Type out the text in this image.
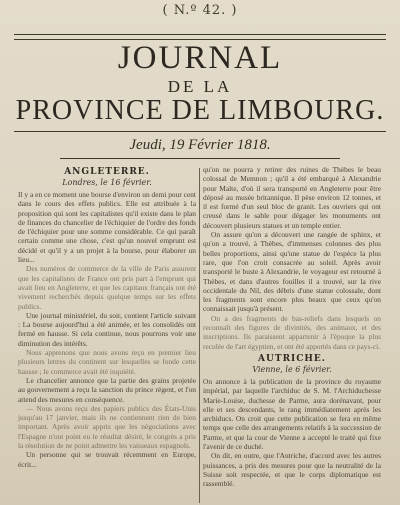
( N.º 42. )
JOURNAL
DE LA
PROVINCE DE LIMBOURG.
Jeudi, 19 Février 1818.
ANGLETERRE.
Londres, le 16 février.

Il y a en ce moment une bourse d'environ un demi pour cent dans le cours des effets publics. Elle est attribuée à la proposition qui sont les capitalistes qu'il existe dans le plan de finances du chancelier de l'échiquier de l'ordre des fonds de l'échiquier pour une somme considérable. Ce qui paraît certain comme une chose, c'est qu'un nouvel emprunt est décidé et qu'il y a un projet à la bourse, pour élaborer un lieu...

Des numéros de commerce de la ville de Paris assurent que les capitalistes de France ont pris part à l'emprunt qui avait lieu en Angleterre, et que les capitaux français ont été vivement recherchés depuis quelque temps sur les effets publics.

Une journal ministériel, du soir, contient l'article suivant : La bourse aujourd'hui a été animée, et les consolidés ont fermé en hausse. Si cela continue, nous pourrons voir une diminution des intérêts.

Nous apprenons que nous avons reçu en premier lieu plusieurs lettres du continent sur lesquelles se fonde cette hausse ; le commerce avait été inquiété.

Le chancelier annonce que la partie des grains projetée au gouvernement a reçu la sanction du prince régent, et l'on attend des mesures en conséquence.

— Nous avons reçu des papiers publics des États-Unis jusqu'au 17 janvier, mais ils ne contiennent rien de bien important. Après avoir appris que les négociations avec l'Espagne n'ont point eu le résultat désiré, le congrès a pris la résolution de ne point admettre les vaisseaux espagnols.

Un personne qui se trouvait récemment en Europe, écrit...

qu'on ne pourra y retirer des ruines de Thèbes le beau colossal de Memnon ; qu'il a été embarqué à Alexandrie pour Malte, d'où il sera transporté en Angleterre pour être déposé au musée britannique. Il pèse environ 12 tonnes, et il est formé d'un seul bloc de granit. Les ouvriers qui ont creusé dans le sable pour dégager les monuments ont découvert plusieurs statues et un temple entier.

On assure qu'on a découvert une rangée de sphinx, et qu'on a trouvé, à Thèbes, d'immenses colonnes des plus belles proportions, ainsi qu'une statue de l'espèce la plus rare, que l'on croit consacrée au soleil. Après avoir transporté le buste à Alexandrie, le voyageur est retourné à Thèbes, et dans d'autres fouilles il a trouvé, sur la rive occidentale du Nil, des débris d'une statue colossale, dont les fragments sont encore plus beaux que ceux qu'on connaissait jusqu'à présent.

On a des fragments de bas-reliefs dans lesquels on reconnaît des figures de divinités, des animaux, et des inscriptions. Ils paraissent appartenir à l'époque la plus reculée de l'art égyptien, et ont été apportés dans ce pays-ci.

AUTRICHE.
Vienne, le 6 février.

On annonce à la publication de la province du royaume impérial, par laquelle l'archiduc de S. M. l'Archiduchesse Marie-Louise, duchesse de Parme, aura dorénavant, pour elle et ses descendants, le rang immédiatement après les archiducs. On croit que cette publication se fera en même temps que celle des arrangements relatifs à la succession de Parme, et que la cour de Vienne a accepté le traité qui fixe l'avenir de ce duché.

On dit, en outre, que l'Autriche, d'accord avec les autres puissances, a pris des mesures pour que la neutralité de la Suisse soit respectée, et que le corps diplomatique est rassemblé.
